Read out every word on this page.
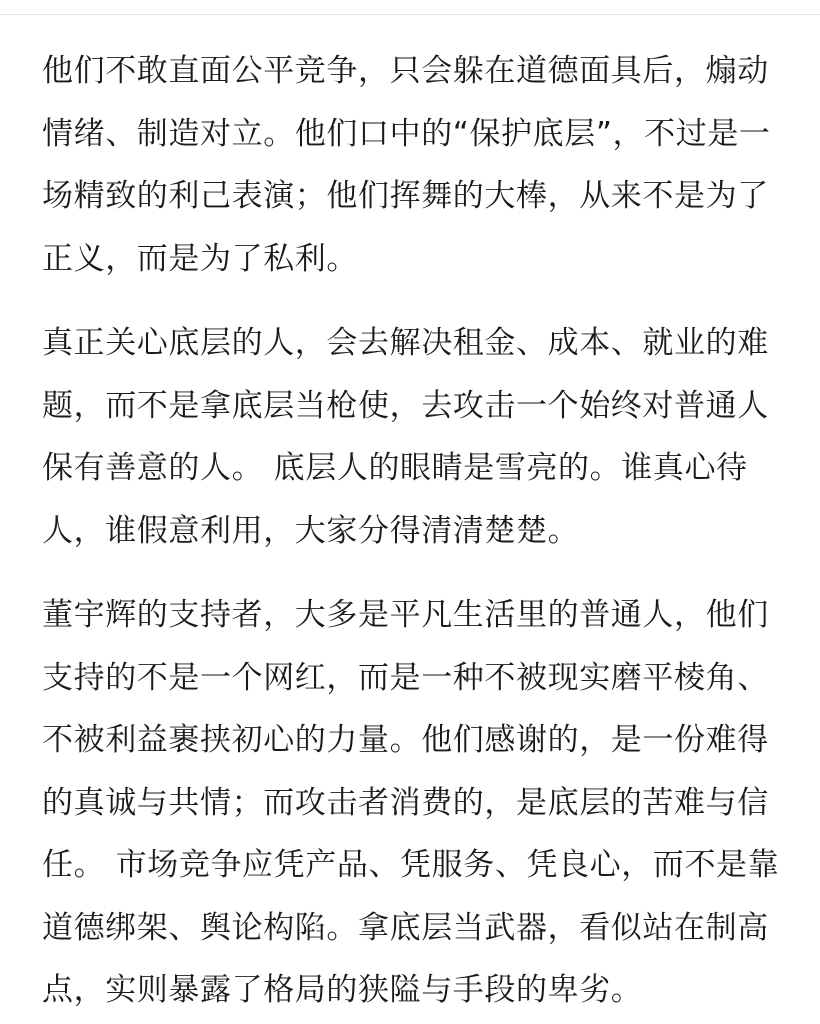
他们不敢直面公平竞争，只会躲在道德面具后，煽动情绪、制造对立。他们口中的“保护底层”，不过是一场精致的利己表演；他们挥舞的大棒，从来不是为了正义，而是为了私利。

真正关心底层的人，会去解决租金、成本、就业的难题，而不是拿底层当枪使，去攻击一个始终对普通人保有善意的人。 底层人的眼睛是雪亮的。谁真心待人，谁假意利用，大家分得清清楚楚。

董宇辉的支持者，大多是平凡生活里的普通人，他们支持的不是一个网红，而是一种不被现实磨平棱角、不被利益裹挟初心的力量。他们感谢的，是一份难得的真诚与共情；而攻击者消费的，是底层的苦难与信任。 市场竞争应凭产品、凭服务、凭良心，而不是靠道德绑架、舆论构陷。拿底层当武器，看似站在制高点，实则暴露了格局的狭隘与手段的卑劣。
